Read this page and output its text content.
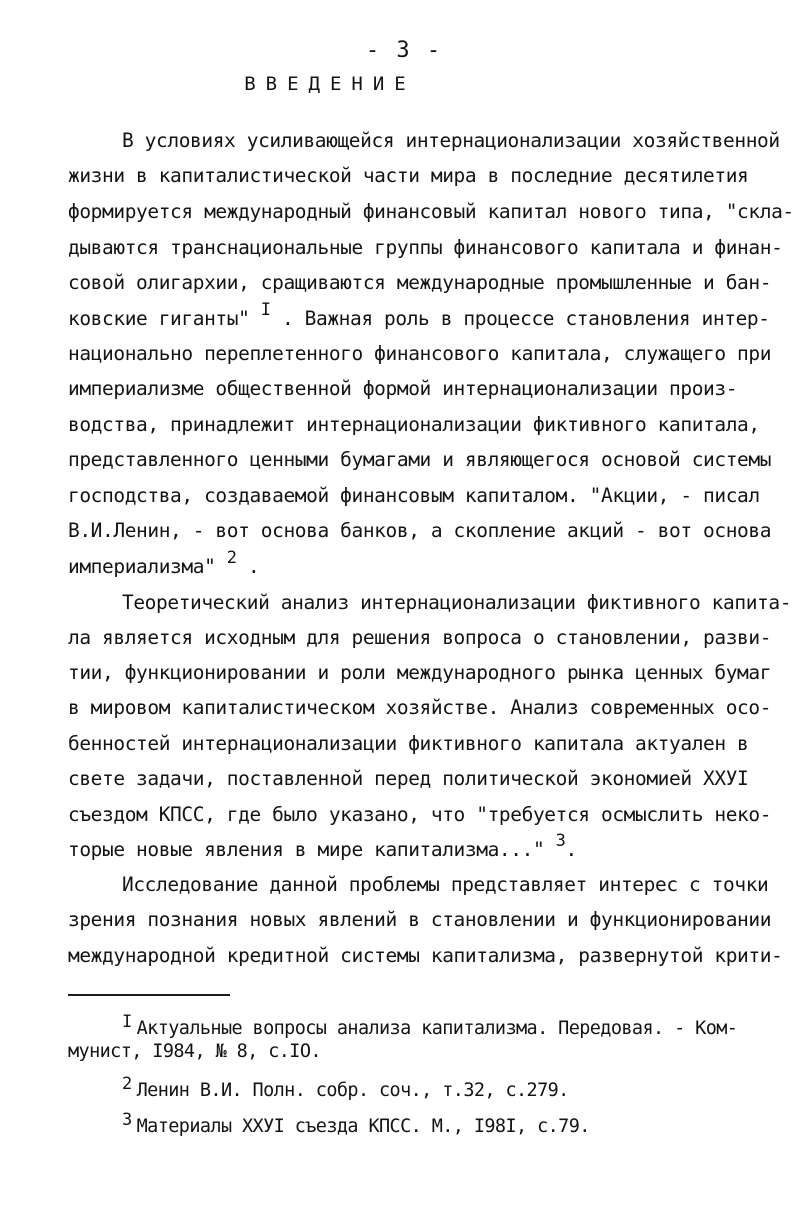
- 3 -
ВВЕДЕНИЕ
В условиях усиливающейся интернационализации хозяйственной
жизни в капиталистической части мира в последние десятилетия
формируется международный финансовый капитал нового типа, "скла-
дываются транснациональные группы финансового капитала и финан-
совой олигархии, сращиваются международные промышленные и бан-
ковские гиганты" $^I$ . Важная роль в процессе становления интер-
национально переплетенного финансового капитала, служащего при
империализме общественной формой интернационализации произ-
водства, принадлежит интернационализации фиктивного капитала,
представленного ценными бумагами и являющегося основой системы
господства, создаваемой финансовым капиталом. "Акции, - писал
В.И.Ленин, - вот основа банков, а скопление акций - вот основа
империализма" $^2$ .
Теоретический анализ интернационализации фиктивного капита-
ла является исходным для решения вопроса о становлении, разви-
тии, функционировании и роли международного рынка ценных бумаг
в мировом капиталистическом хозяйстве. Анализ современных осо-
бенностей интернационализации фиктивного капитала актуален в
свете задачи, поставленной перед политической экономией XXУI
съездом КПСС, где было указано, что "требуется осмыслить неко-
торые новые явления в мире капитализма..." $^3$.
Исследование данной проблемы представляет интерес с точки
зрения познания новых явлений в становлении и функционировании
международной кредитной системы капитализма, развернутой крити-
I Актуальные вопросы анализа капитализма. Передовая. - Ком-
мунист, I984, № 8, с.IO.
2 Ленин В.И. Полн. собр. соч., т.32, с.279.
3 Материалы XXУI съезда КПСС. М., I98I, с.79.
